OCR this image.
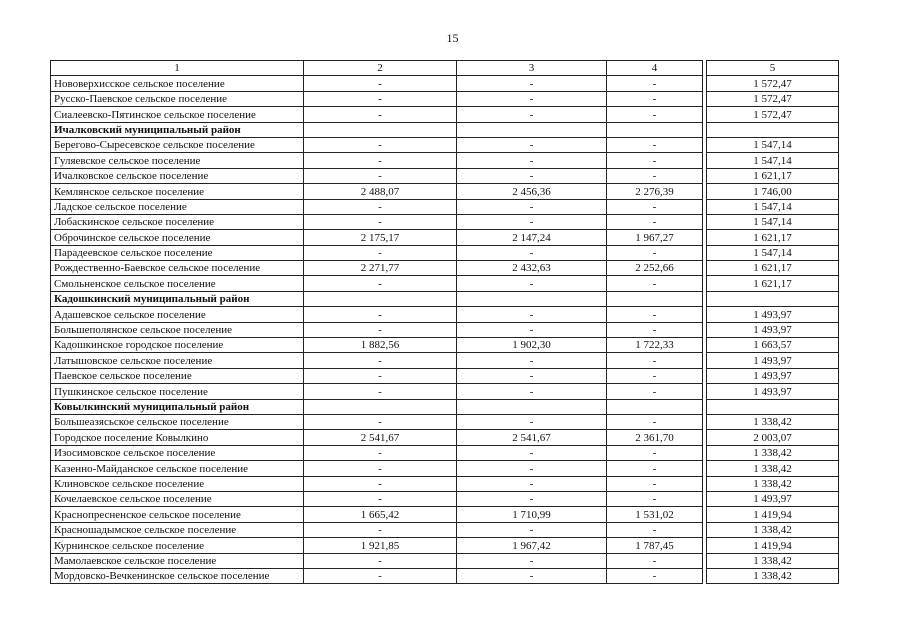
15
1	2	3	4		5
Нововерхисское сельское поселение	-	-	-		1 572,47
Русско-Паевское сельское поселение	-	-	-		1 572,47
Сиалеевско-Пятинское сельское поселение	-	-	-		1 572,47
Ичалковский муниципальный район					
Берегово-Сыресевское сельское поселение	-	-	-		1 547,14
Гуляевское сельское поселение	-	-	-		1 547,14
Ичалковское сельское поселение	-	-	-		1 621,17
Кемлянское сельское поселение	2 488,07	2 456,36	2 276,39		1 746,00
Ладское сельское поселение	-	-	-		1 547,14
Лобаскинское сельское поселение	-	-	-		1 547,14
Оброчинское сельское поселение	2 175,17	2 147,24	1 967,27		1 621,17
Парадеевское сельское поселение	-	-	-		1 547,14
Рождественно-Баевское сельское поселение	2 271,77	2 432,63	2 252,66		1 621,17
Смольненское сельское поселение	-	-	-		1 621,17
Кадошкинский муниципальный район					
Адашевское сельское поселение	-	-	-		1 493,97
Большеполянское сельское поселение	-	-	-		1 493,97
Кадошкинское городское поселение	1 882,56	1 902,30	1 722,33		1 663,57
Латышовское сельское поселение	-	-	-		1 493,97
Паевское сельское поселение	-	-	-		1 493,97
Пушкинское сельское поселение	-	-	-		1 493,97
Ковылкинский муниципальный район					
Большеазясьское сельское поселение	-	-	-		1 338,42
Городское поселение Ковылкино	2 541,67	2 541,67	2 361,70		2 003,07
Изосимовское сельское поселение	-	-	-		1 338,42
Казенно-Майданское сельское поселение	-	-	-		1 338,42
Клиновское сельское поселение	-	-	-		1 338,42
Кочелаевское сельское поселение	-	-	-		1 493,97
Краснопресненское сельское поселение	1 665,42	1 710,99	1 531,02		1 419,94
Красношадымское сельское поселение	-	-	-		1 338,42
Курнинское сельское поселение	1 921,85	1 967,42	1 787,45		1 419,94
Мамолаевское сельское поселение	-	-	-		1 338,42
Мордовско-Вечкенинское сельское поселение	-	-	-		1 338,42
